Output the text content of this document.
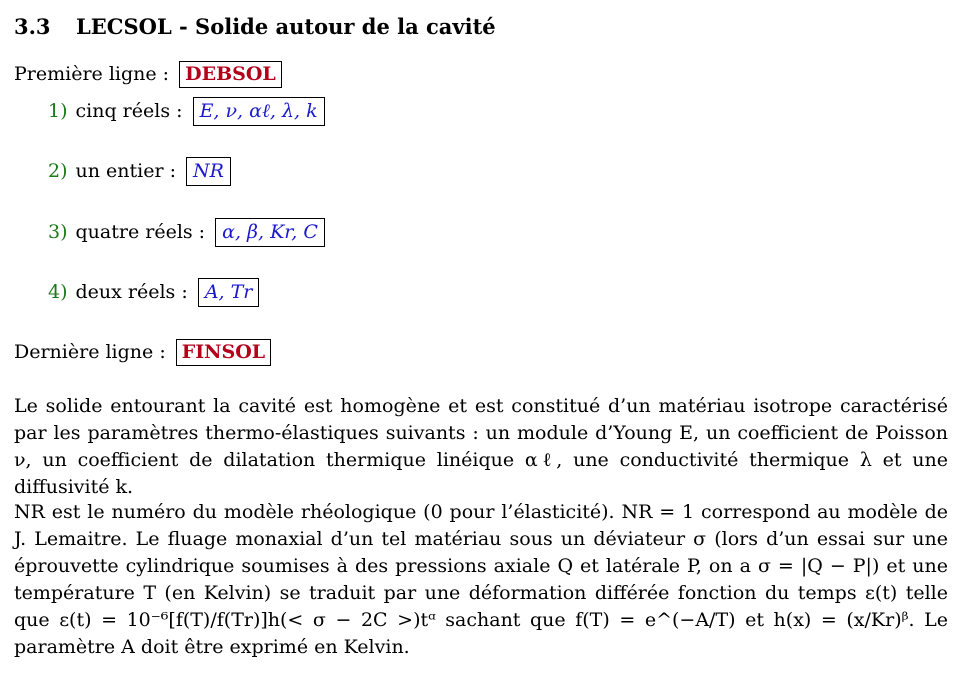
3.3 LECSOL - Solide autour de la cavité
Première ligne : DEBSOL
1) cinq réels : E, ν, αℓ, λ, k
2) un entier : NR
3) quatre réels : α, β, Kr, C
4) deux réels : A, Tr
Dernière ligne : FINSOL

Le solide entourant la cavité est homogène et est constitué d’un matériau isotrope caractérisé par les paramètres thermo-élastiques suivants : un module d’Young E, un coefficient de Poisson ν, un coefficient de dilatation thermique linéique αℓ, une conductivité thermique λ et une diffusivité k.

NR est le numéro du modèle rhéologique (0 pour l’élasticité). NR = 1 correspond au modèle de J. Lemaitre. Le fluage monaxial d’un tel matériau sous un déviateur σ (lors d’un essai sur une éprouvette cylindrique soumises à des pressions axiale Q et latérale P, on a σ = |Q − P|) et une température T (en Kelvin) se traduit par une déformation différée fonction du temps ε(t) telle que ε(t) = 10⁻⁶[f(T)/f(Tr)]h(< σ − 2C >)tᵅ sachant que f(T) = e^(−A/T) et h(x) = (x/Kr)ᵝ. Le paramètre A doit être exprimé en Kelvin.
